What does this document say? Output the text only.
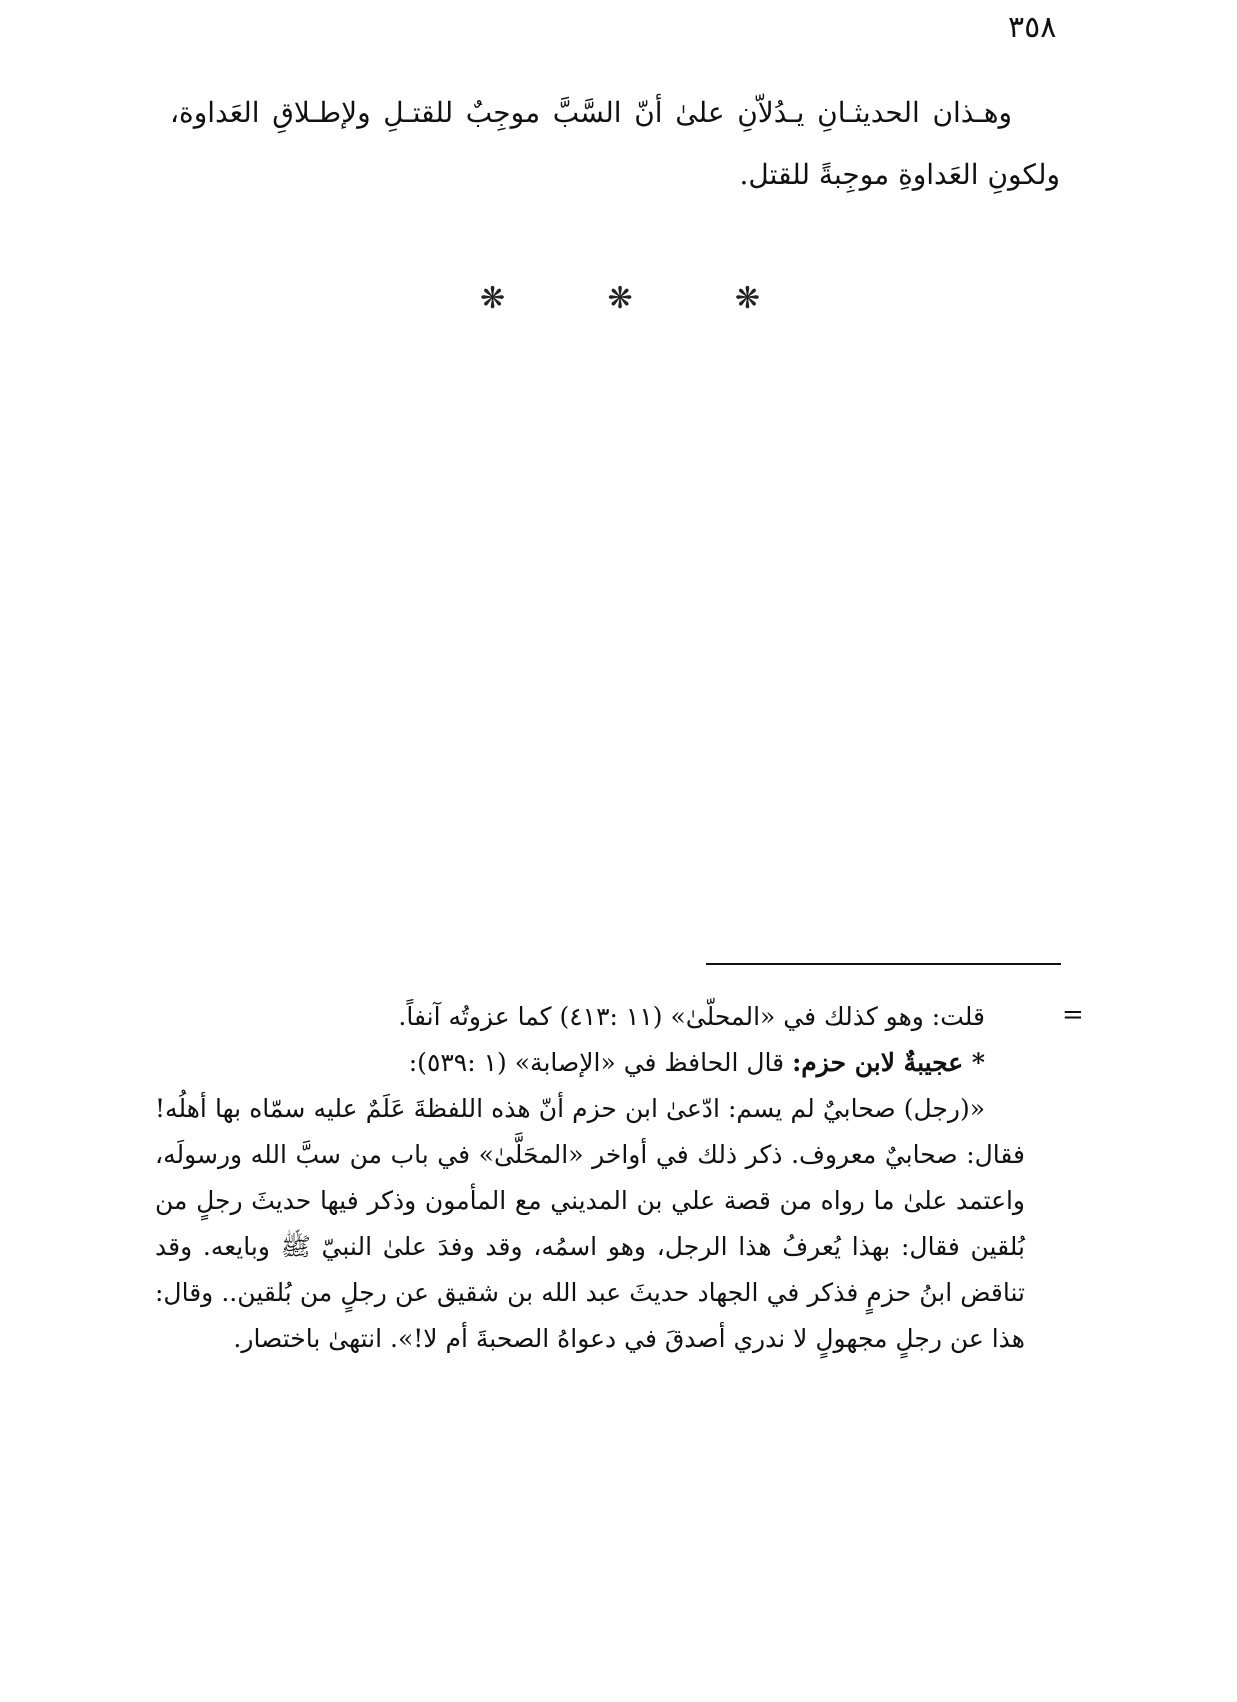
٣٥٨

وهـذان الحديثـانِ يـدُلاّنِ علىٰ أنّ السَّبَّ موجِبٌ للقتـلِ ولإطـلاقِ العَداوة، ولكونِ العَداوةِ موجِبةً للقتل.

❋
❋
❋
=

قلت: وهو كذلك في «المحلّىٰ» (١١ :٤١٣) كما عزوتُه آنفاً.

* عجيبةٌ لابن حزم: قال الحافظ في «الإصابة» (١ :٥٣٩):

«(رجل) صحابيٌ لم يسم: ادّعىٰ ابن حزم أنّ هذه اللفظةَ عَلَمٌ عليه سمّاه بها أهلُه! فقال: صحابيٌ معروف. ذكر ذلك في أواخر «المحَلَّىٰ» في باب من سبَّ الله ورسولَه، واعتمد علىٰ ما رواه من قصة علي بن المديني مع المأمون وذكر فيها حديثَ رجلٍ من بُلقين فقال: بهذا يُعرفُ هذا الرجل، وهو اسمُه، وقد وفدَ علىٰ النبيّ ﷺ وبايعه. وقد تناقض ابنُ حزمٍ فذكر في الجهاد حديثَ عبد الله بن شقيق عن رجلٍ من بُلقين.. وقال: هذا عن رجلٍ مجهولٍ لا ندري أصدقَ في دعواهُ الصحبةَ أم لا!». انتهىٰ باختصار.
